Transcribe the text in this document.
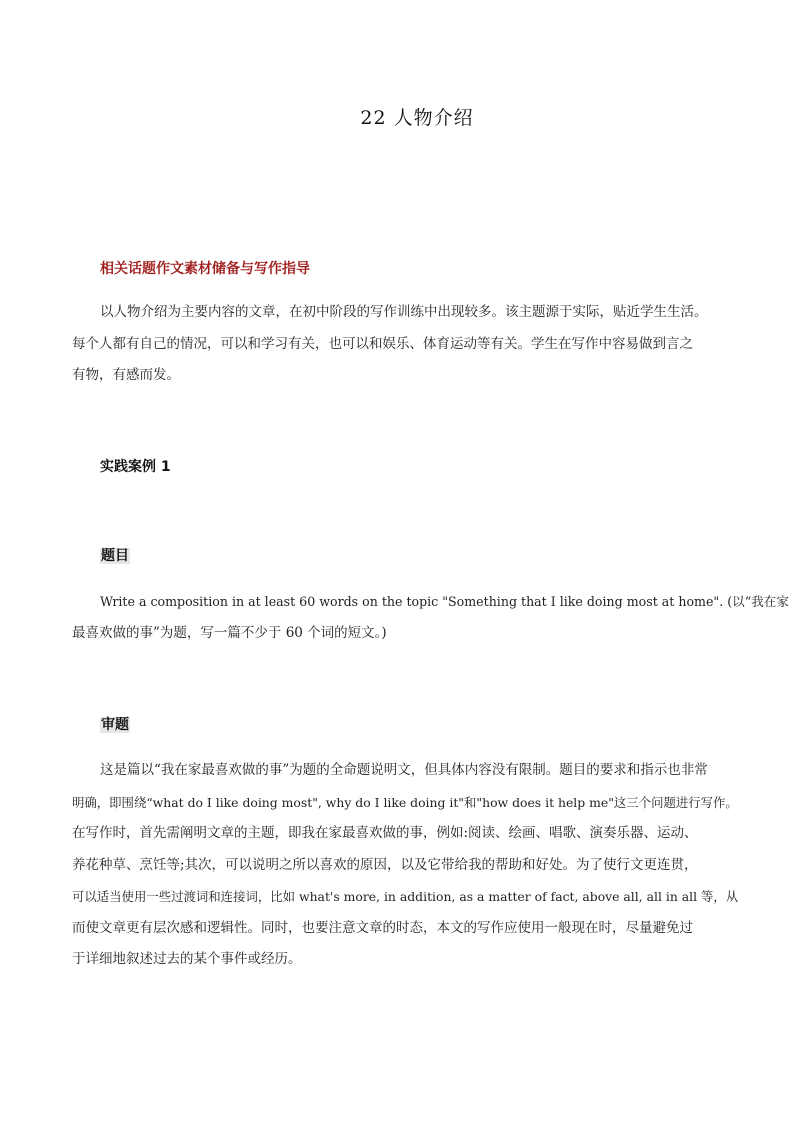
22 人物介绍
相关话题作文素材储备与写作指导
以人物介绍为主要内容的文章，在初中阶段的写作训练中出现较多。该主题源于实际，贴近学生生活。
每个人都有自己的情况，可以和学习有关，也可以和娱乐、体育运动等有关。学生在写作中容易做到言之
有物，有感而发。
实践案例 1
题目
Write a composition in at least 60 words on the topic "Something that I like doing most at home". (以“我在家
最喜欢做的事”为题，写一篇不少于 60 个词的短文。)
审题
这是篇以“我在家最喜欢做的事”为题的全命题说明文，但具体内容没有限制。题目的要求和指示也非常
明确，即围绕“what do I like doing most", why do I like doing it"和"how does it help me"这三个问题进行写作。
在写作时，首先需阐明文章的主题，即我在家最喜欢做的事，例如:阅读、绘画、唱歌、演奏乐器、运动、
养花种草、烹饪等;其次，可以说明之所以喜欢的原因，以及它带给我的帮助和好处。为了使行文更连贯，
可以适当使用一些过渡词和连接词，比如 what's more, in addition, as a matter of fact, above all, all in all 等，从
而使文章更有层次感和逻辑性。同时，也要注意文章的时态，本文的写作应使用一般现在时，尽量避免过
于详细地叙述过去的某个事件或经历。
